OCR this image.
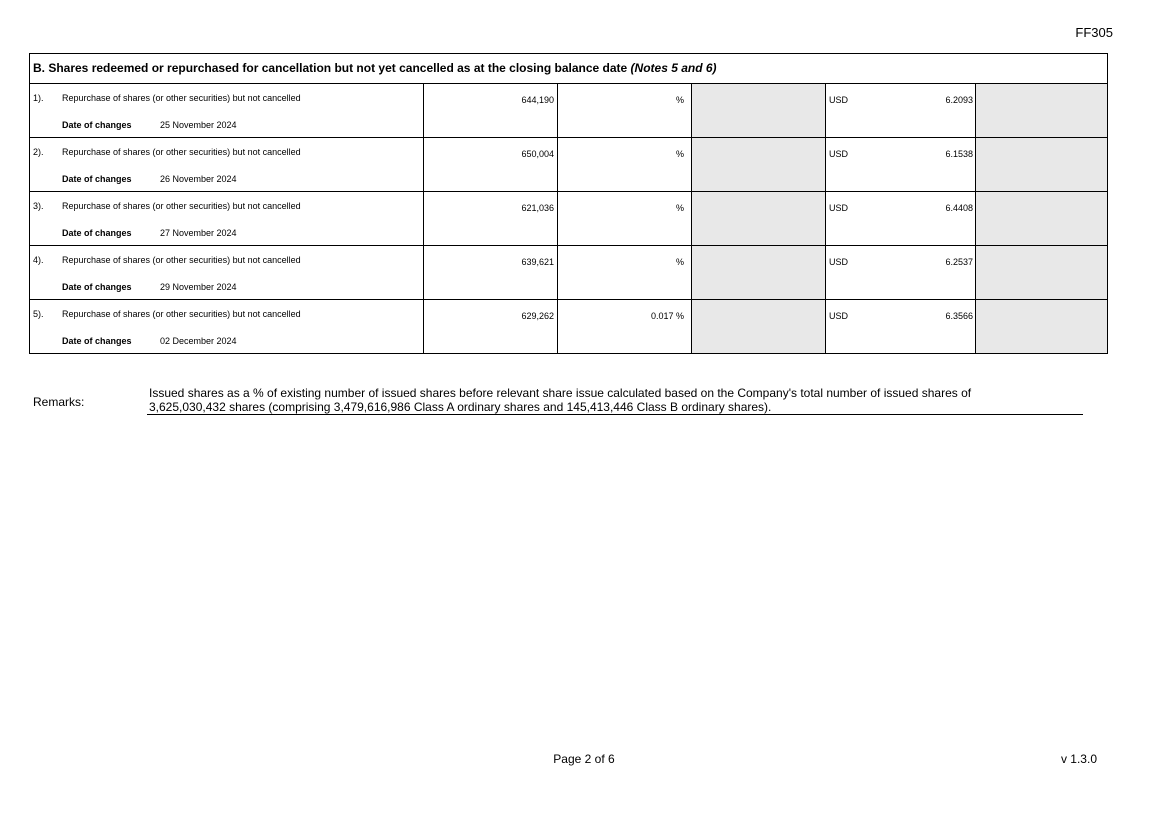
FF305
B. Shares redeemed or repurchased for cancellation but not yet cancelled as at the closing balance date (Notes 5 and 6)
1). Repurchase of shares (or other securities) but not cancelled
Date of changes	25 November 2024
644,190	%	USD	6.2093
2). Repurchase of shares (or other securities) but not cancelled
Date of changes	26 November 2024
650,004	%	USD	6.1538
3). Repurchase of shares (or other securities) but not cancelled
Date of changes	27 November 2024
621,036	%	USD	6.4408
4). Repurchase of shares (or other securities) but not cancelled
Date of changes	29 November 2024
639,621	%	USD	6.2537
5). Repurchase of shares (or other securities) but not cancelled
Date of changes	02 December 2024
629,262	0.017 %	USD	6.3566
Remarks:
Issued shares as a % of existing number of issued shares before relevant share issue calculated based on the Company's total number of issued shares of
3,625,030,432 shares (comprising 3,479,616,986 Class A ordinary shares and 145,413,446 Class B ordinary shares).
Page 2 of 6	v 1.3.0
